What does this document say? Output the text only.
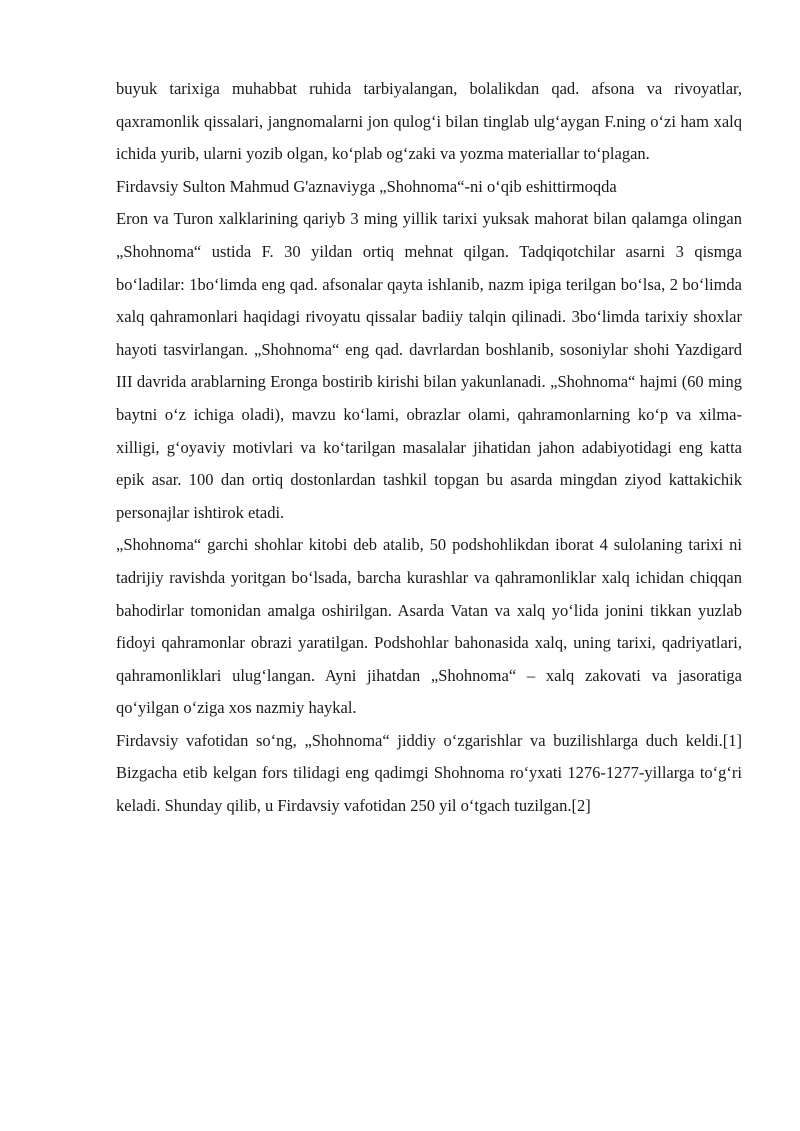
buyuk tarixiga muhabbat ruhida tarbiyalangan, bolalikdan qad. afsona va rivoyatlar, qaxramonlik qissalari, jangnomalarni jon qulog‘i bilan tinglab ulg‘aygan F.ning o‘zi ham xalq ichida yurib, ularni yozib olgan, ko‘plab og‘zaki va yozma materiallar to‘plagan.

Firdavsiy Sulton Mahmud G'aznaviyga „Shohnoma“-ni o‘qib eshittirmoqda

Eron va Turon xalklarining qariyb 3 ming yillik tarixi yuksak mahorat bilan qalamga olingan „Shohnoma“ ustida F. 30 yildan ortiq mehnat qilgan. Tadqiqotchilar asarni 3 qismga bo‘ladilar: 1bo‘limda eng qad. afsonalar qayta ishlanib, nazm ipiga terilgan bo‘lsa, 2 bo‘limda xalq qahramonlari haqidagi rivoyatu qissalar badiiy talqin qilinadi. 3bo‘limda tarixiy shoxlar hayoti tasvirlangan. „Shohnoma“ eng qad. davrlardan boshlanib, sosoniylar shohi Yazdigard III davrida arablarning Eronga bostirib kirishi bilan yakunlanadi. „Shohnoma“ hajmi (60 ming baytni o‘z ichiga oladi), mavzu ko‘lami, obrazlar olami, qahramonlarning ko‘p va xilma-xilligi, g‘oyaviy motivlari va ko‘tarilgan masalalar jihatidan jahon adabiyotidagi eng katta epik asar. 100 dan ortiq dostonlardan tashkil topgan bu asarda mingdan ziyod kattakichik personajlar ishtirok etadi.

„Shohnoma“ garchi shohlar kitobi deb atalib, 50 podshohlikdan iborat 4 sulolaning tarixi ni tadrijiy ravishda yoritgan bo‘lsada, barcha kurashlar va qahramonliklar xalq ichidan chiqqan bahodirlar tomonidan amalga oshirilgan. Asarda Vatan va xalq yo‘lida jonini tikkan yuzlab fidoyi qahramonlar obrazi yaratilgan. Podshohlar bahonasida xalq, uning tarixi, qadriyatlari, qahramonliklari ulug‘langan. Ayni jihatdan „Shohnoma“ – xalq zakovati va jasoratiga qo‘yilgan o‘ziga xos nazmiy haykal.

Firdavsiy vafotidan so‘ng, „Shohnoma“ jiddiy o‘zgarishlar va buzilishlarga duch keldi.[1] Bizgacha etib kelgan fors tilidagi eng qadimgi Shohnoma ro‘yxati 1276-1277-yillarga to‘g‘ri keladi. Shunday qilib, u Firdavsiy vafotidan 250 yil o‘tgach tuzilgan.[2]
